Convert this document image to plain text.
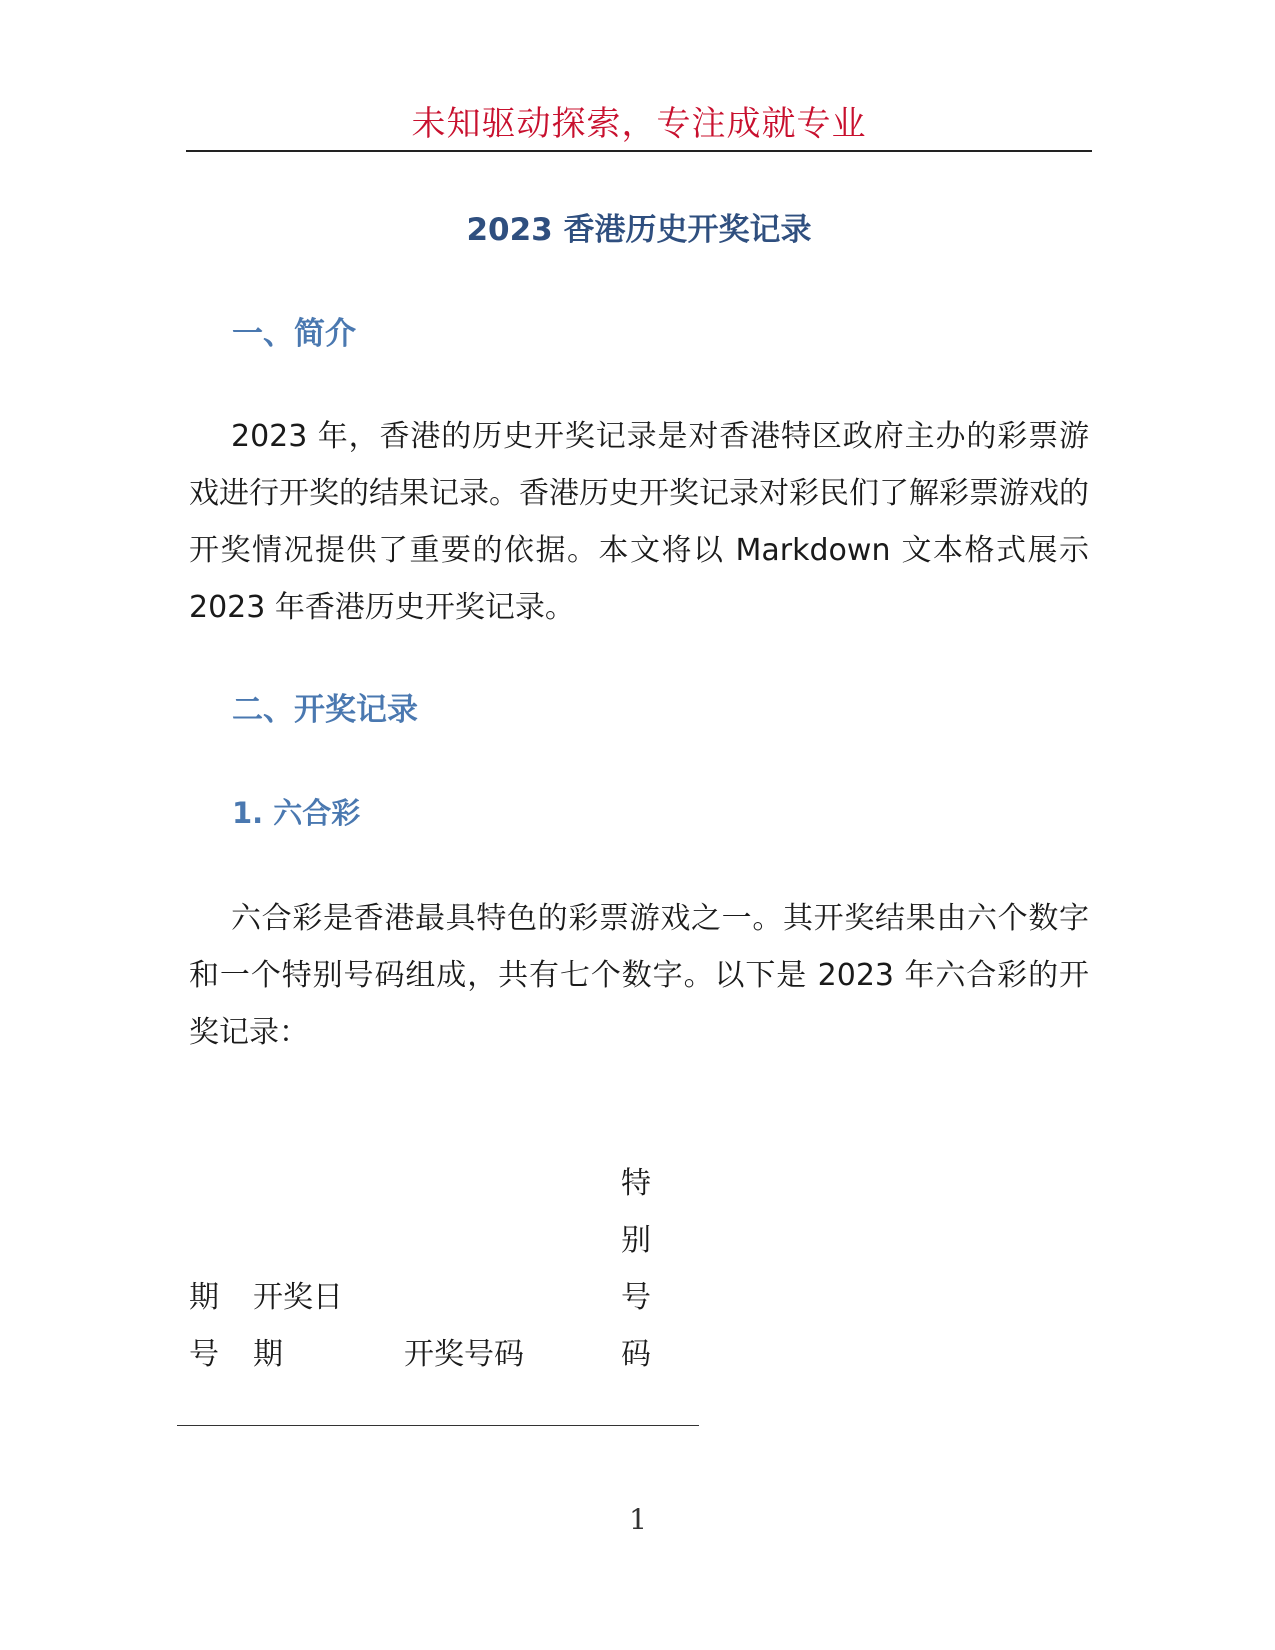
未知驱动探索，专注成就专业
2023 香港历史开奖记录
一、简介

2023 年，香港的历史开奖记录是对香港特区政府主办的彩票游戏进行开奖的结果记录。香港历史开奖记录对彩民们了解彩票游戏的开奖情况提供了重要的依据。本文将以 Markdown 文本格式展示 2023 年香港历史开奖记录。

二、开奖记录
1. 六合彩

六合彩是香港最具特色的彩票游戏之一。其开奖结果由六个数字和一个特别号码组成，共有七个数字。以下是 2023 年六合彩的开奖记录：

期号
开奖日期	开奖号码
特别号码
1
